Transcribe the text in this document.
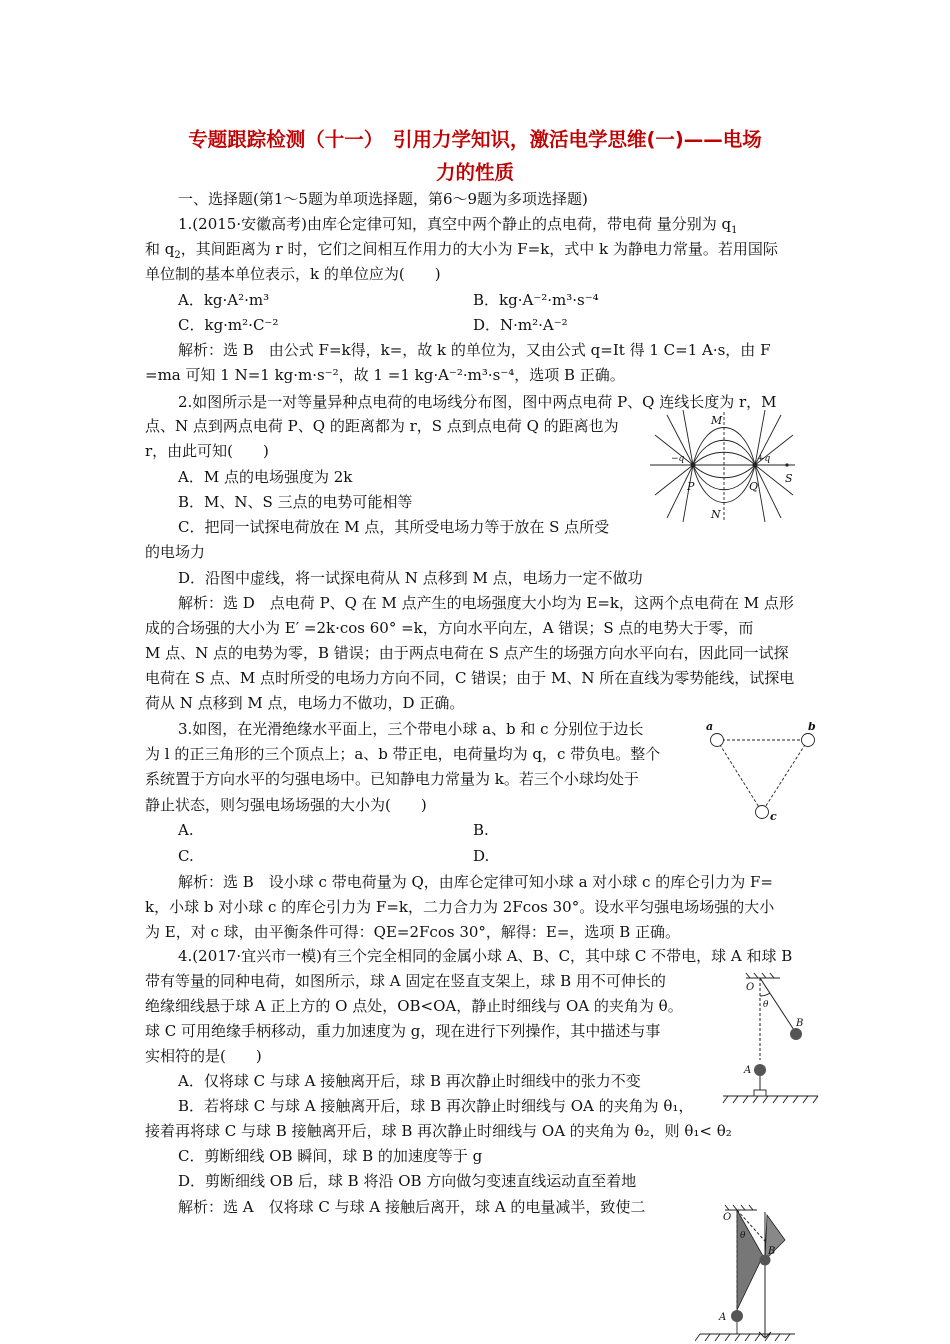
专题跟踪检测（十一）　引用力学知识，激活电学思维(一)——电场
力的性质
一、选择题(第1～5题为单项选择题，第6～9题为多项选择题)
1.(2015·安徽高考)由库仑定律可知，真空中两个静止的点电荷，带电荷 量分别为 $q_1$
和 $q_2$，其间距离为 r 时，它们之间相互作用力的大小为 F=k，式中 k 为静电力常量。若用国际
单位制的基本单位表示，k 的单位应为(　　)
A．kg·A²·m³	B．kg·A⁻²·m³·s⁻⁴
C．kg·m²·C⁻²	D．N·m²·A⁻²
解析：选 B　由公式 F=k得，k=，故 k 的单位为，又由公式 q=It 得 1 C=1 A·s，由 F
=ma 可知 1 N=1 kg·m·s⁻²，故 1 =1 kg·A⁻²·m³·s⁻⁴，选项 B 正确。
2.如图所示是一对等量异种点电荷的电场线分布图，图中两点电荷 P、Q 连线长度为 r，M
点、N 点到两点电荷 P、Q 的距离都为 r，S 点到点电荷 Q 的距离也为
r，由此可知(　　)
A．M 点的电场强度为 2k
B．M、N、S 三点的电势可能相等
C．把同一试探电荷放在 M 点，其所受电场力等于放在 S 点所受
的电场力
D．沿图中虚线，将一试探电荷从 N 点移到 M 点，电场力一定不做功
解析：选 D　点电荷 P、Q 在 M 点产生的电场强度大小均为 E=k，这两个点电荷在 M 点形
成的合场强的大小为 E′ =2k·cos 60° =k，方向水平向左，A 错误；S 点的电势大于零，而
M 点、N 点的电势为零，B 错误；由于两点电荷在 S 点产生的场强方向水平向右，因此同一试探
电荷在 S 点、M 点时所受的电场力方向不同，C 错误；由于 M、N 所在直线为零势能线，试探电
荷从 N 点移到 M 点，电场力不做功，D 正确。
M
N
P	Q
S
−q	+q
3.如图，在光滑绝缘水平面上，三个带电小球 a、b 和 c 分别位于边长
为 l 的正三角形的三个顶点上；a、b 带正电，电荷量均为 q，c 带负电。整个
系统置于方向水平的匀强电场中。已知静电力常量为 k。若三个小球均处于
静止状态，则匀强电场场强的大小为(　　)
A.	B.
C.	D.
解析：选 B　设小球 c 带电荷量为 Q，由库仑定律可知小球 a 对小球 c 的库仑引力为 F=
k，小球 b 对小球 c 的库仑引力为 F=k，二力合力为 2Fcos 30°。设水平匀强电场场强的大小
为 E，对 c 球，由平衡条件可得：QE=2Fcos 30°，解得：E=，选项 B 正确。
a	b
c
4.(2017·宜兴市一模)有三个完全相同的金属小球 A、B、C，其中球 C 不带电，球 A 和球 B
带有等量的同种电荷，如图所示，球 A 固定在竖直支架上，球 B 用不可伸长的
绝缘细线悬于球 A 正上方的 O 点处，OB<OA，静止时细线与 OA 的夹角为 θ。
球 C 可用绝缘手柄移动，重力加速度为 g，现在进行下列操作，其中描述与事
实相符的是(　　)
A．仅将球 C 与球 A 接触离开后，球 B 再次静止时细线中的张力不变
B．若将球 C 与球 A 接触离开后，球 B 再次静止时细线与 OA 的夹角为 θ₁，
接着再将球 C 与球 B 接触离开后，球 B 再次静止时细线与 OA 的夹角为 θ₂，则 θ₁< θ₂
C．剪断细线 OB 瞬间，球 B 的加速度等于 g
D．剪断细线 OB 后，球 B 将沿 OB 方向做匀变速直线运动直至着地
解析：选 A　仅将球 C 与球 A 接触后离开，球 A 的电量减半，致使二
O
θ
B
A
O
θ
B
A
